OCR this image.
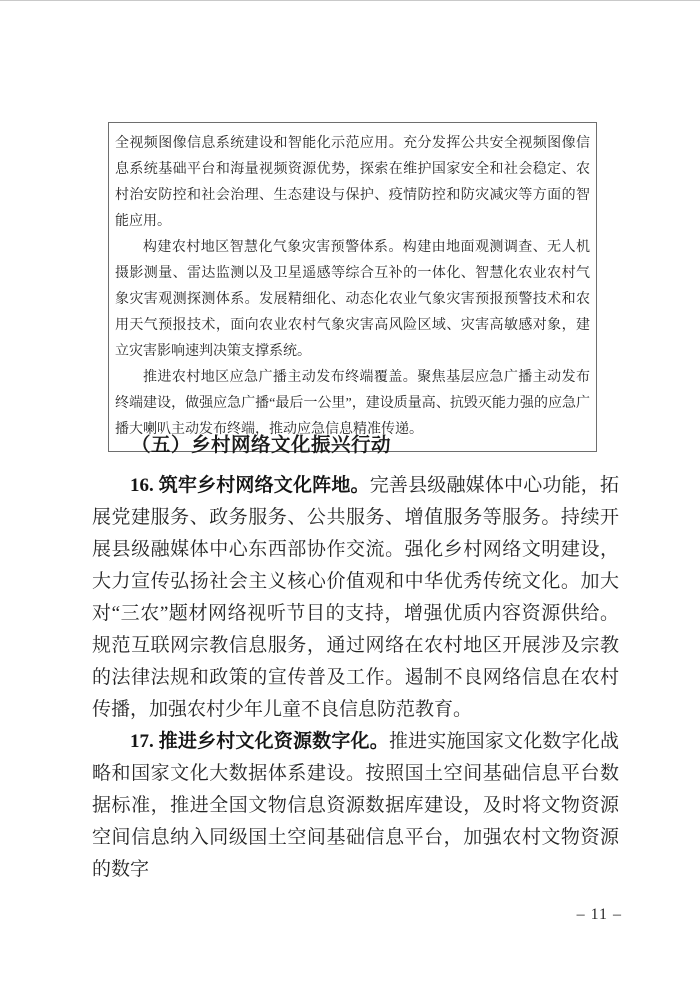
全视频图像信息系统建设和智能化示范应用。充分发挥公共安全视频图像信息系统基础平台和海量视频资源优势，探索在维护国家安全和社会稳定、农村治安防控和社会治理、生态建设与保护、疫情防控和防灾减灾等方面的智能应用。

构建农村地区智慧化气象灾害预警体系。构建由地面观测调查、无人机摄影测量、雷达监测以及卫星遥感等综合互补的一体化、智慧化农业农村气象灾害观测探测体系。发展精细化、动态化农业气象灾害预报预警技术和农用天气预报技术，面向农业农村气象灾害高风险区域、灾害高敏感对象，建立灾害影响速判决策支撑系统。

推进农村地区应急广播主动发布终端覆盖。聚焦基层应急广播主动发布终端建设，做强应急广播“最后一公里”，建设质量高、抗毁灭能力强的应急广播大喇叭主动发布终端，推动应急信息精准传递。

（五）乡村网络文化振兴行动

16. 筑牢乡村网络文化阵地。完善县级融媒体中心功能，拓展党建服务、政务服务、公共服务、增值服务等服务。持续开展县级融媒体中心东西部协作交流。强化乡村网络文明建设，大力宣传弘扬社会主义核心价值观和中华优秀传统文化。加大对“三农”题材网络视听节目的支持，增强优质内容资源供给。规范互联网宗教信息服务，通过网络在农村地区开展涉及宗教的法律法规和政策的宣传普及工作。遏制不良网络信息在农村传播，加强农村少年儿童不良信息防范教育。

17. 推进乡村文化资源数字化。推进实施国家文化数字化战略和国家文化大数据体系建设。按照国土空间基础信息平台数据标准，推进全国文物信息资源数据库建设，及时将文物资源空间信息纳入同级国土空间基础信息平台，加强农村文物资源的数字

– 11 –
